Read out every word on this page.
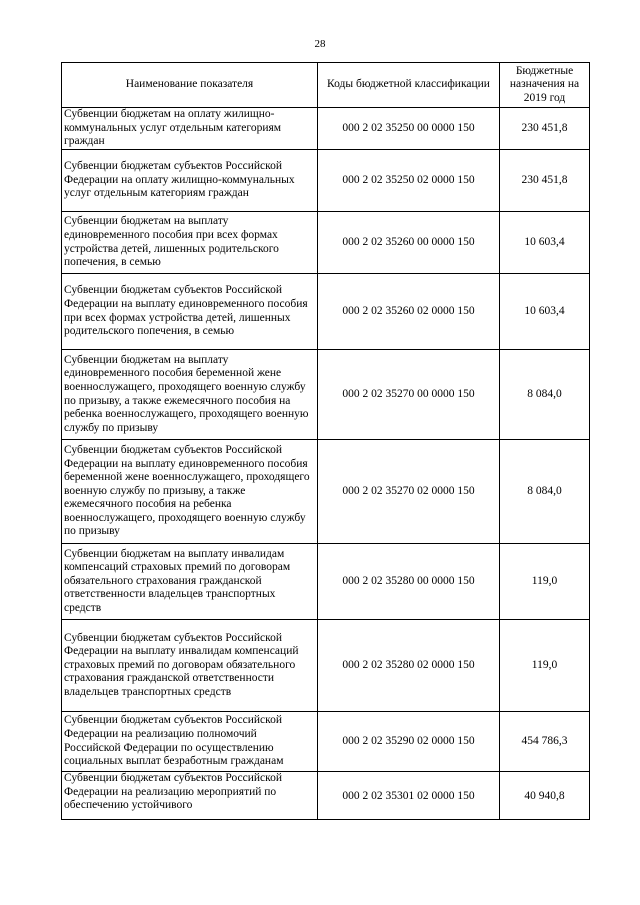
28
Наименование показателя	Коды бюджетной классификации	Бюджетные назначения на 2019 год
Субвенции бюджетам на оплату жилищно-коммунальных услуг отдельным категориям граждан	000 2 02 35250 00 0000 150	230 451,8
Субвенции бюджетам субъектов Российской Федерации на оплату жилищно-коммунальных услуг отдельным категориям граждан	000 2 02 35250 02 0000 150	230 451,8
Субвенции бюджетам на выплату единовременного пособия при всех формах устройства детей, лишенных родительского попечения, в семью	000 2 02 35260 00 0000 150	10 603,4
Субвенции бюджетам субъектов Российской Федерации на выплату единовременного пособия при всех формах устройства детей, лишенных родительского попечения, в семью	000 2 02 35260 02 0000 150	10 603,4
Субвенции бюджетам на выплату единовременного пособия беременной жене военнослужащего, проходящего военную службу по призыву, а также ежемесячного пособия на ребенка военнослужащего, проходящего военную службу по призыву	000 2 02 35270 00 0000 150	8 084,0
Субвенции бюджетам субъектов Российской Федерации на выплату единовременного пособия беременной жене военнослужащего, проходящего военную службу по призыву, а также ежемесячного пособия на ребенка военнослужащего, проходящего военную службу по призыву	000 2 02 35270 02 0000 150	8 084,0
Субвенции бюджетам на выплату инвалидам компенсаций страховых премий по договорам обязательного страхования гражданской ответственности владельцев транспортных средств	000 2 02 35280 00 0000 150	119,0
Субвенции бюджетам субъектов Российской Федерации на выплату инвалидам компенсаций страховых премий по договорам обязательного страхования гражданской ответственности владельцев транспортных средств	000 2 02 35280 02 0000 150	119,0
Субвенции бюджетам субъектов Российской Федерации на реализацию полномочий Российской Федерации по осуществлению социальных выплат безработным гражданам	000 2 02 35290 02 0000 150	454 786,3
Субвенции бюджетам субъектов Российской Федерации на реализацию мероприятий по обеспечению устойчивого	000 2 02 35301 02 0000 150	40 940,8
